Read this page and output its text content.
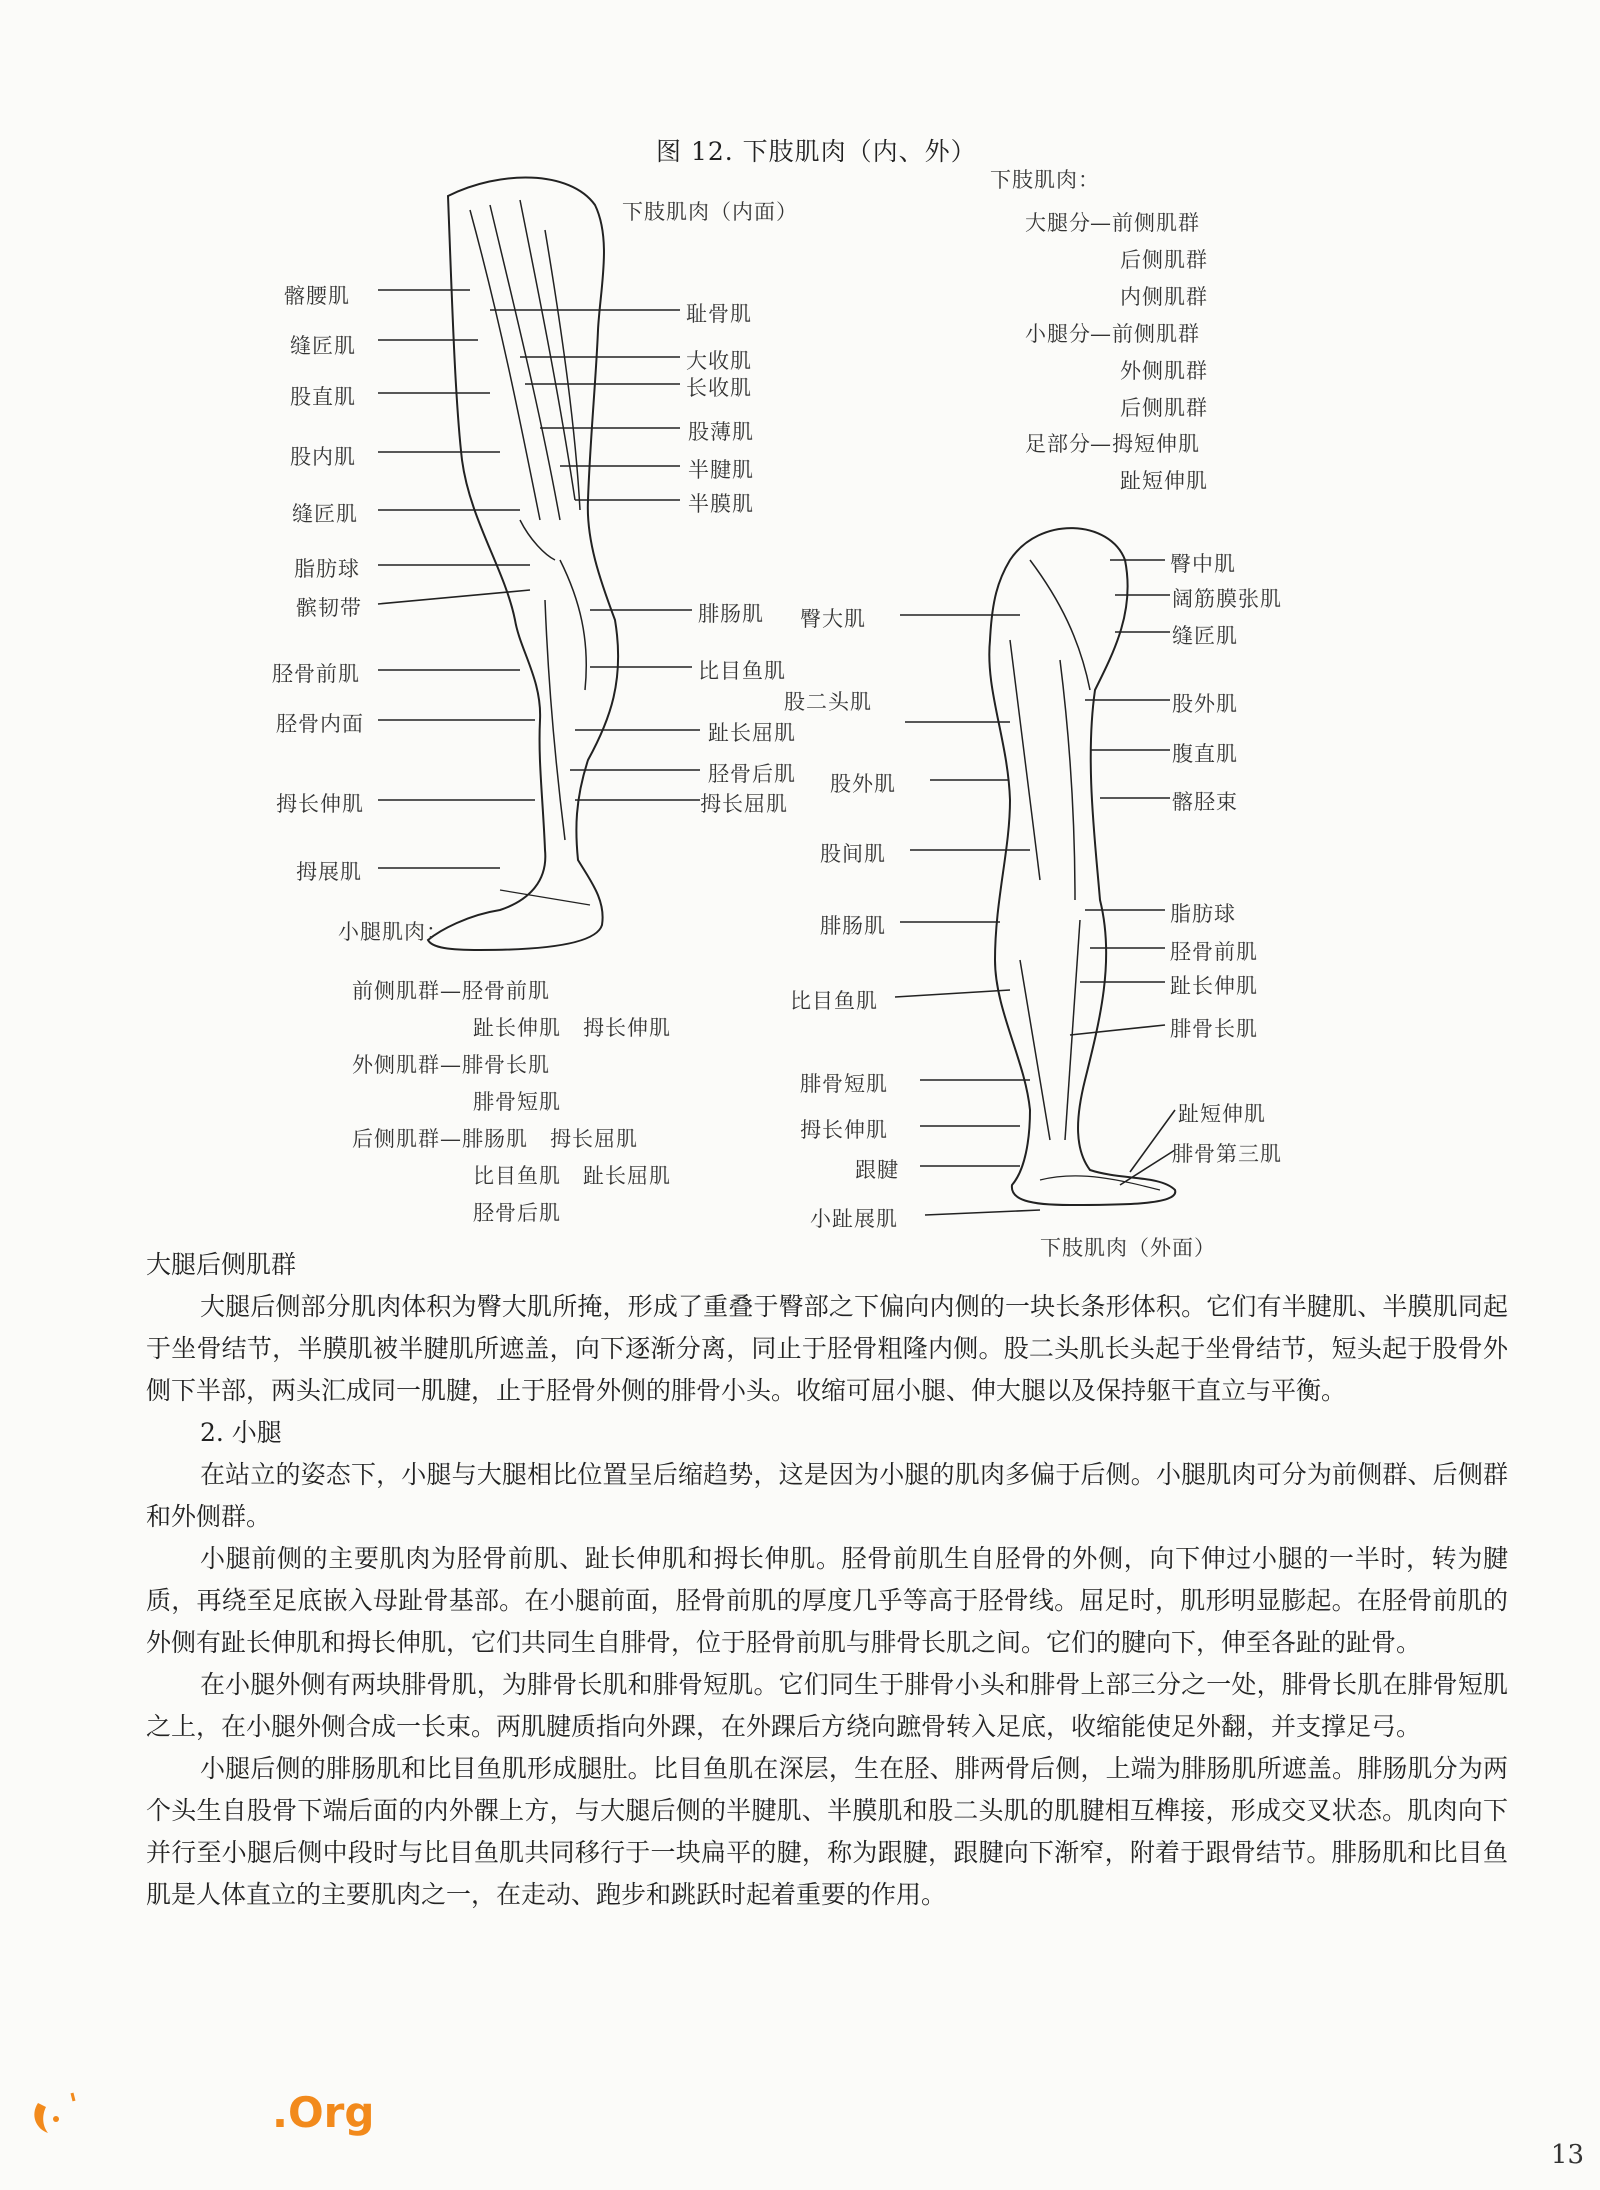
图 12. 下肢肌肉（内、外）
下肢肌肉（内面）
髂腰肌
缝匠肌
股直肌
股内肌
缝匠肌
脂肪球
髌韧带
胫骨前肌
胫骨内面
拇长伸肌
拇展肌
耻骨肌
大收肌
长收肌
股薄肌
半腱肌
半膜肌
腓肠肌
比目鱼肌
趾长屈肌
胫骨后肌
拇长屈肌
下肢肌肉：
大腿分 —前侧肌群
后侧肌群
内侧肌群
小腿分 —前侧肌群
外侧肌群
后侧肌群
足部分 —拇短伸肌
趾短伸肌
臀大肌
股二头肌
股外肌
股间肌
腓肠肌
比目鱼肌
腓骨短肌
拇长伸肌
跟腱
小趾展肌
臀中肌
阔筋膜张肌
缝匠肌
股外肌
腹直肌
髂胫束
脂肪球
胫骨前肌
趾长伸肌
腓骨长肌
趾短伸肌
腓骨第三肌
下肢肌肉（外面）
小腿肌肉：
前侧肌群—胫骨前肌
趾长伸肌　拇长伸肌
外侧肌群—腓骨长肌
腓骨短肌
后侧肌群—腓肠肌　拇长屈肌
比目鱼肌　趾长屈肌
胫骨后肌

大腿后侧肌群

大腿后侧部分肌肉体积为臀大肌所掩，形成了重叠于臀部之下偏向内侧的一块长条形体积。它们有半腱肌、半膜肌同起于坐骨结节，半膜肌被半腱肌所遮盖，向下逐渐分离，同止于胫骨粗隆内侧。股二头肌长头起于坐骨结节，短头起于股骨外侧下半部，两头汇成同一肌腱，止于胫骨外侧的腓骨小头。收缩可屈小腿、伸大腿以及保持躯干直立与平衡。

2. 小腿

在站立的姿态下，小腿与大腿相比位置呈后缩趋势，这是因为小腿的肌肉多偏于后侧。小腿肌肉可分为前侧群、后侧群和外侧群。

小腿前侧的主要肌肉为胫骨前肌、趾长伸肌和拇长伸肌。胫骨前肌生自胫骨的外侧，向下伸过小腿的一半时，转为腱质，再绕至足底嵌入母趾骨基部。在小腿前面，胫骨前肌的厚度几乎等高于胫骨线。屈足时，肌形明显膨起。在胫骨前肌的外侧有趾长伸肌和拇长伸肌，它们共同生自腓骨，位于胫骨前肌与腓骨长肌之间。它们的腱向下，伸至各趾的趾骨。

在小腿外侧有两块腓骨肌，为腓骨长肌和腓骨短肌。它们同生于腓骨小头和腓骨上部三分之一处，腓骨长肌在腓骨短肌之上，在小腿外侧合成一长束。两肌腱质指向外踝，在外踝后方绕向蹠骨转入足底，收缩能使足外翻，并支撑足弓。

小腿后侧的腓肠肌和比目鱼肌形成腿肚。比目鱼肌在深层，生在胫、腓两骨后侧，上端为腓肠肌所遮盖。腓肠肌分为两个头生自股骨下端后面的内外髁上方，与大腿后侧的半腱肌、半膜肌和股二头肌的肌腱相互榫接，形成交叉状态。肌肉向下并行至小腿后侧中段时与比目鱼肌共同移行于一块扁平的腱，称为跟腱，跟腱向下渐窄，附着于跟骨结节。腓肠肌和比目鱼肌是人体直立的主要肌肉之一，在走动、跑步和跳跃时起着重要的作用。

.Org
13
